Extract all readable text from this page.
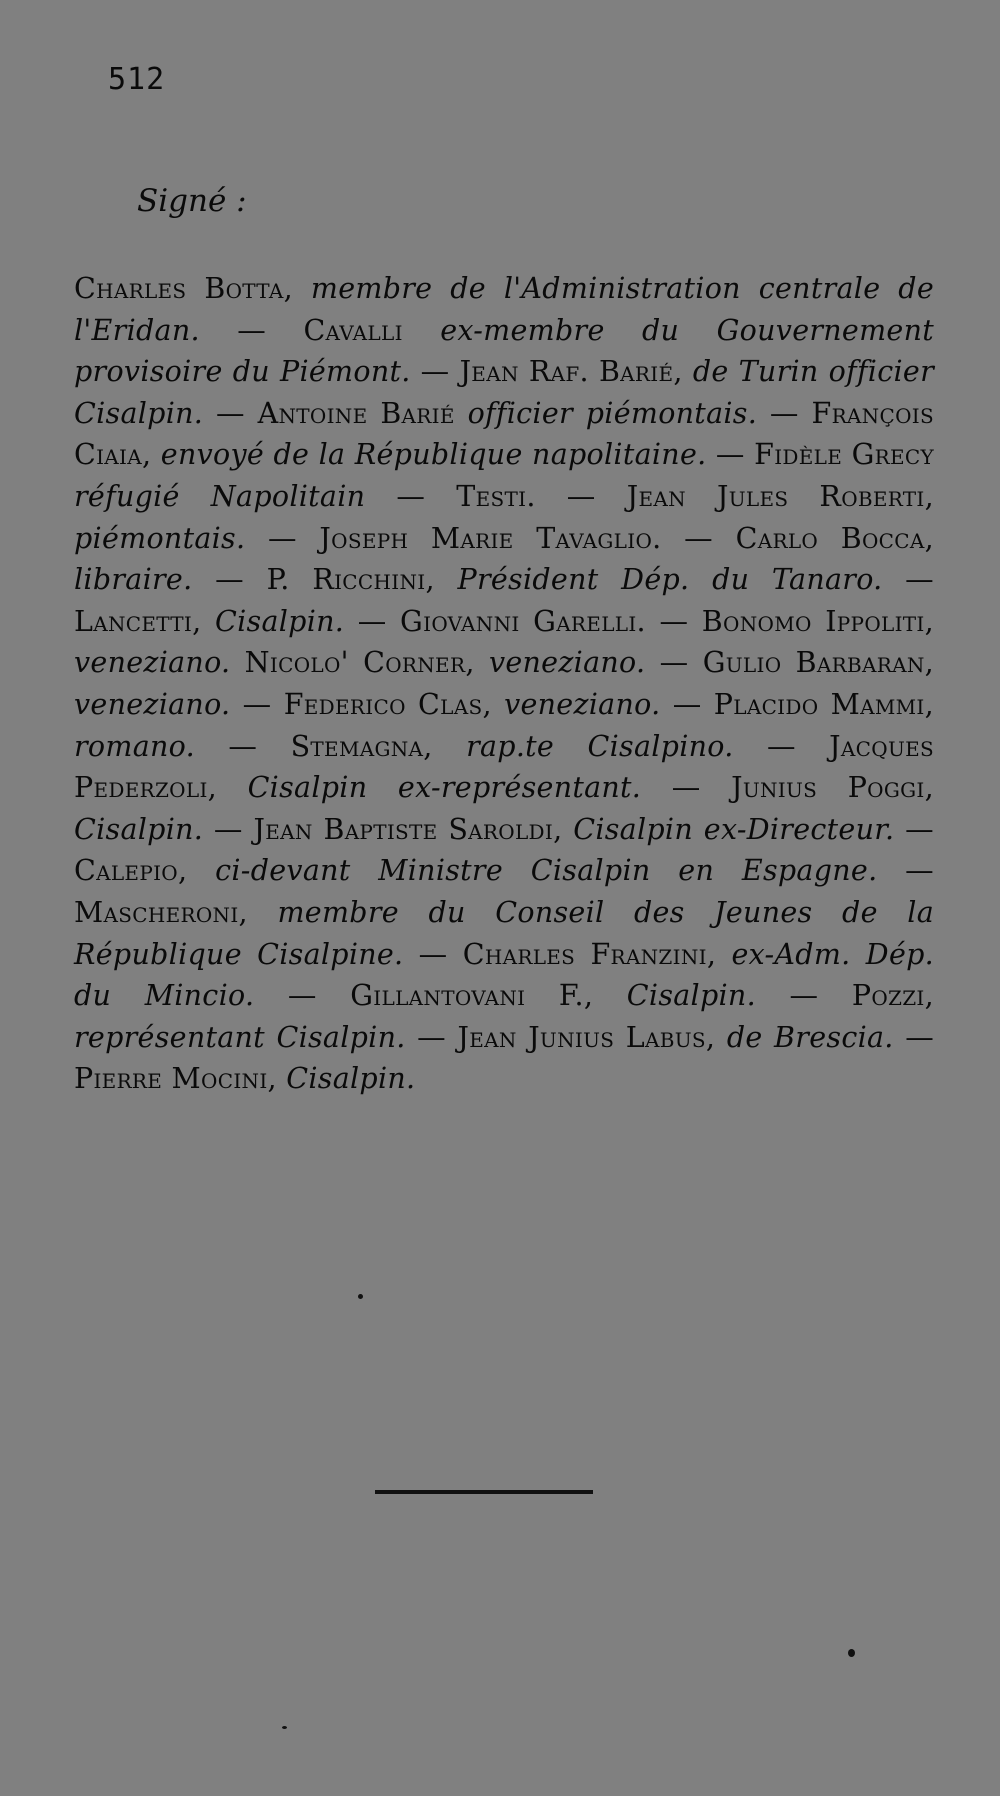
512
Signé :

Charles Botta, membre de l'Administration centrale de l'Eridan. — Cavalli ex-membre du Gouvernement provisoire du Piémont. — Jean Raf. Barié, de Turin officier Cisalpin. — Antoine Barié officier piémontais. — François Ciaia, envoyé de la République napolitaine. — Fidèle Grecy réfugié Napolitain — Testi. — Jean Jules Roberti, piémontais. — Joseph Marie Tavaglio. — Carlo Bocca, libraire. — P. Ricchini, Président Dép. du Tanaro. — Lancetti, Cisalpin. — Giovanni Garelli. — Bonomo Ippoliti, veneziano. Nicolo' Corner, veneziano. — Gulio Barbaran, veneziano. — Federico Clas, veneziano. — Placido Mammi, romano. — Stemagna, rap.te Cisalpino. — Jacques Pederzoli, Cisalpin ex-représentant. — Junius Poggi, Cisalpin. — Jean Baptiste Saroldi, Cisalpin ex-Directeur. — Calepio, ci-devant Ministre Cisalpin en Espagne. — Mascheroni, membre du Conseil des Jeunes de la République Cisalpine. — Charles Franzini, ex-Adm. Dép. du Mincio. — Gillantovani F., Cisalpin. — Pozzi, représentant Cisalpin. — Jean Junius Labus, de Brescia. — Pierre Mocini, Cisalpin.
